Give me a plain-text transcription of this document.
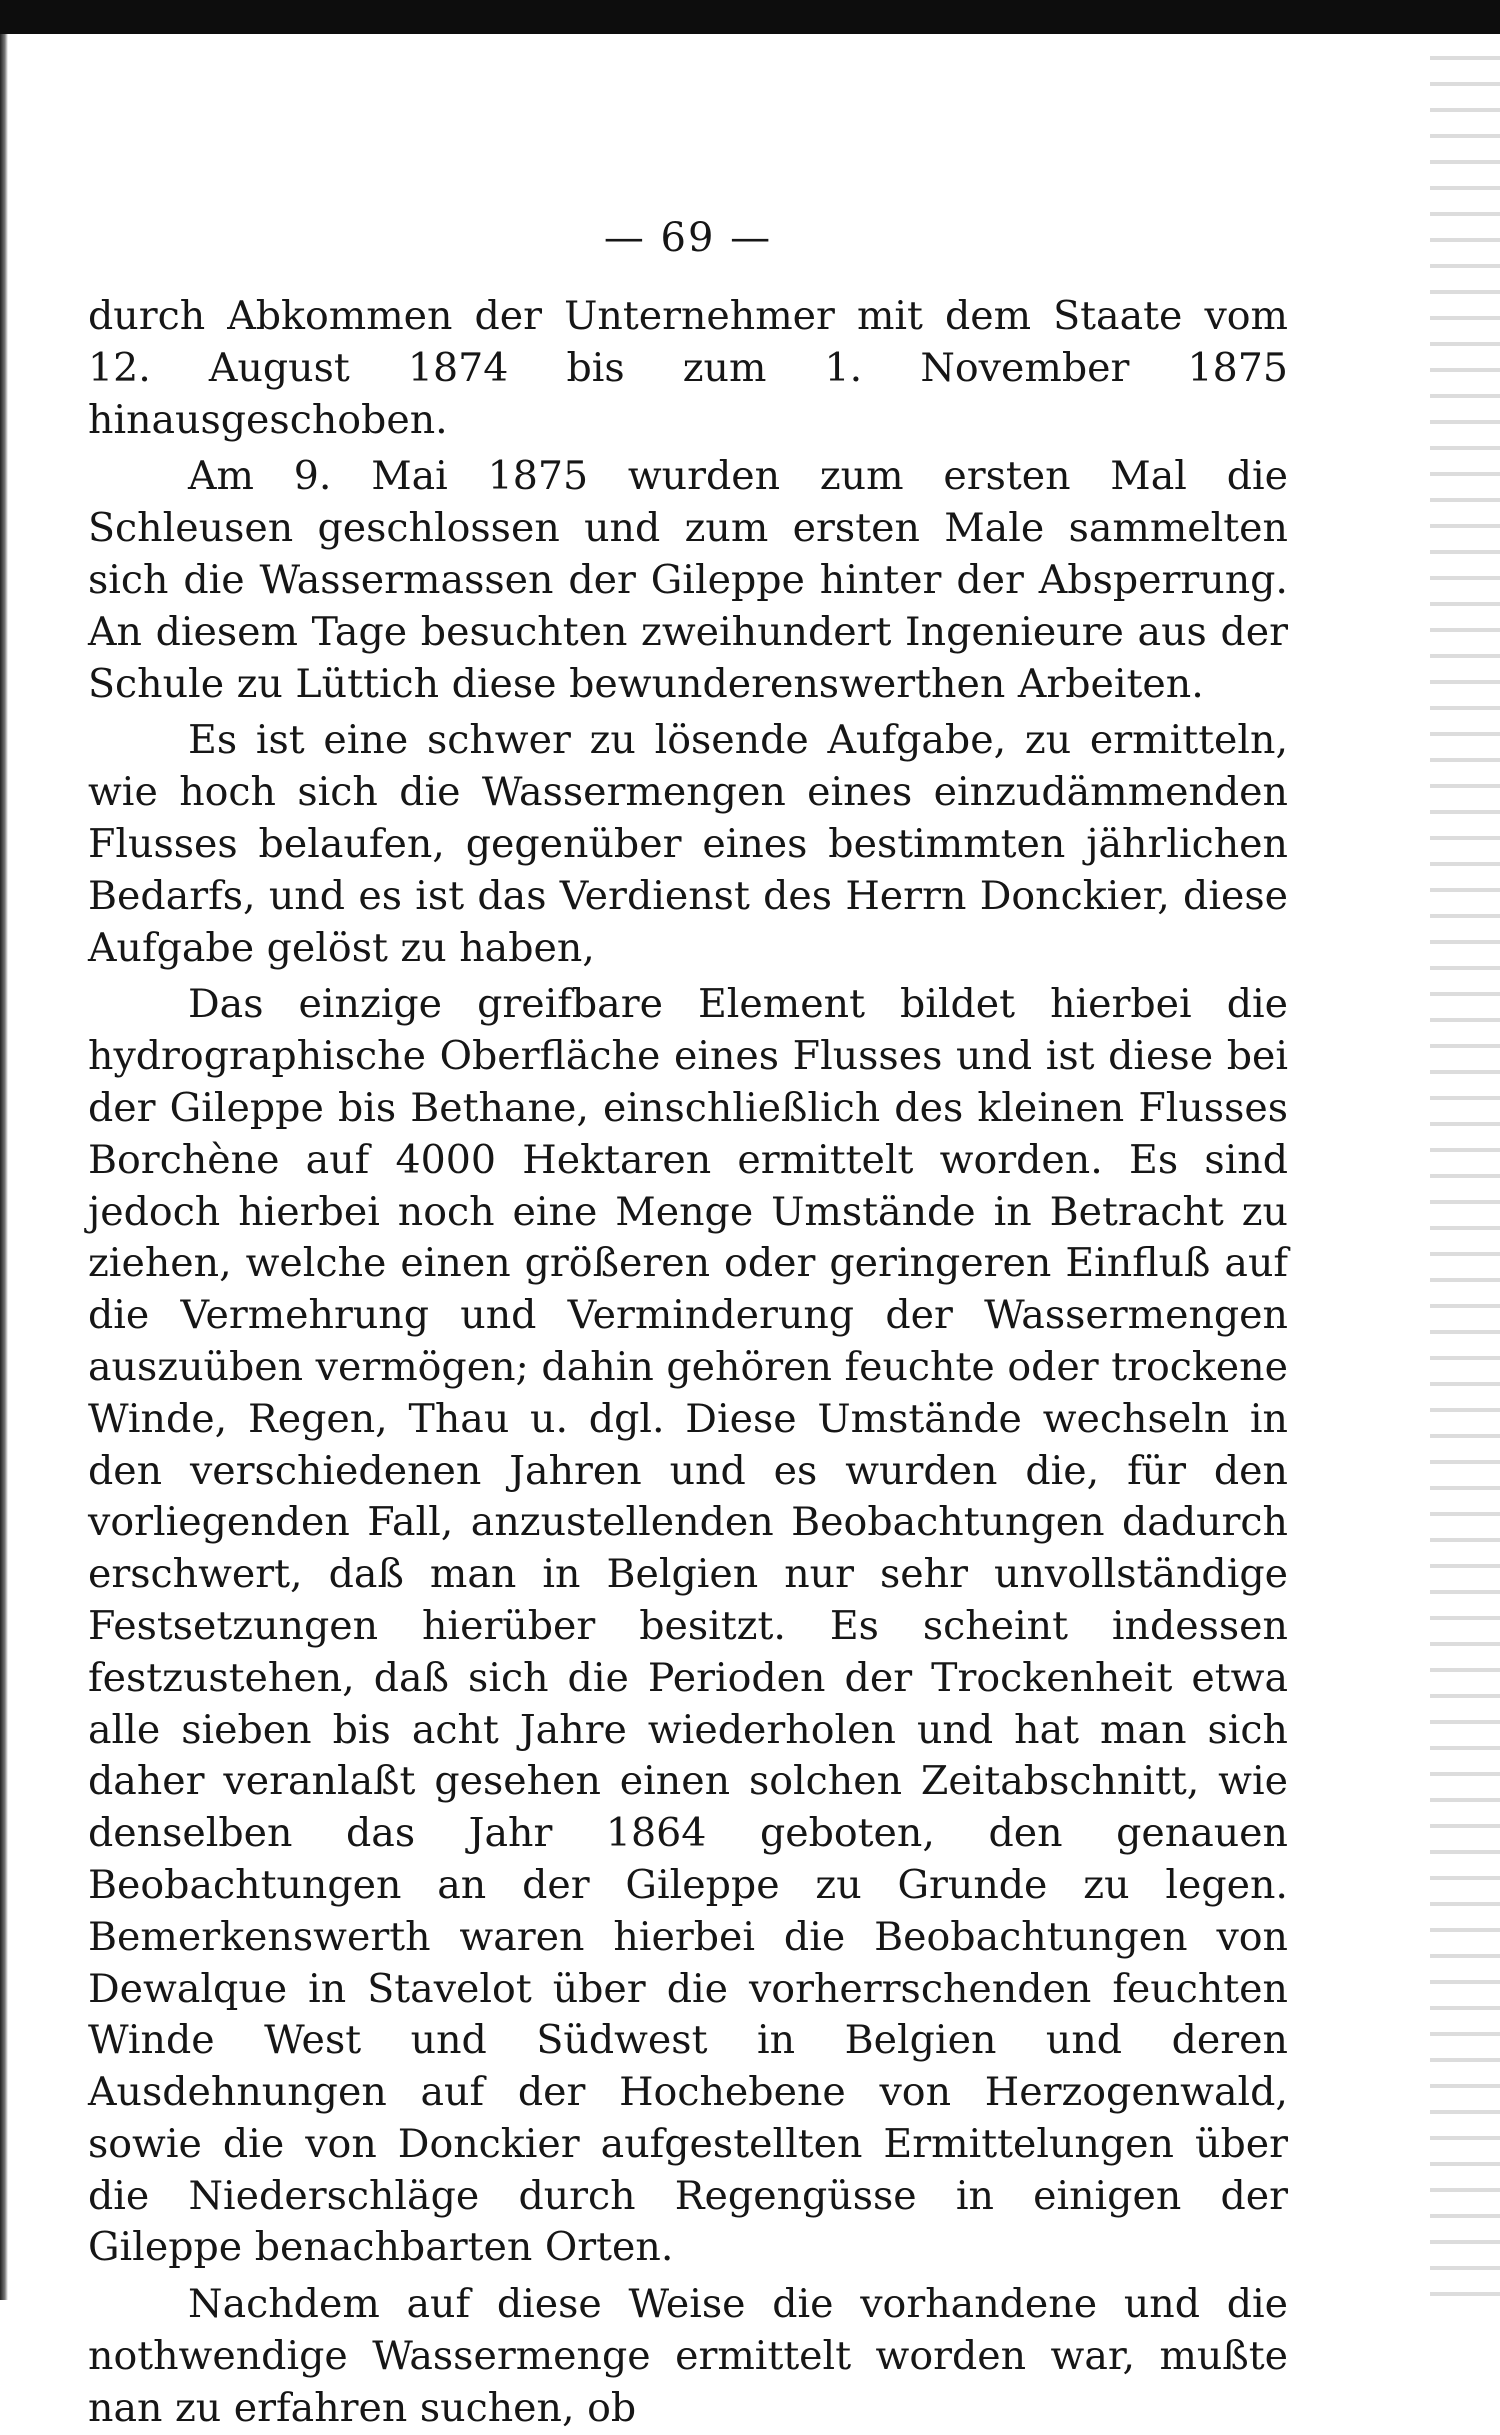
— 69 —

durch Abkommen der Unternehmer mit dem Staate vom 12. August 1874 bis zum 1. November 1875 hinausgeschoben.

Am 9. Mai 1875 wurden zum ersten Mal die Schleusen geschlossen und zum ersten Male sammelten sich die Wassermassen der Gileppe hinter der Absperrung. An diesem Tage besuchten zweihundert Ingenieure aus der Schule zu Lüttich diese bewunderenswerthen Arbeiten.

Es ist eine schwer zu lösende Aufgabe, zu ermitteln, wie hoch sich die Wassermengen eines einzudämmenden Flusses belaufen, gegenüber eines bestimmten jährlichen Bedarfs, und es ist das Verdienst des Herrn Donckier, diese Aufgabe gelöst zu haben,

Das einzige greifbare Element bildet hierbei die hydrographische Oberfläche eines Flusses und ist diese bei der Gileppe bis Bethane, einschließlich des kleinen Flusses Borchène auf 4000 Hektaren ermittelt worden. Es sind jedoch hierbei noch eine Menge Umstände in Betracht zu ziehen, welche einen größeren oder geringeren Einfluß auf die Vermehrung und Verminderung der Wassermengen auszuüben vermögen; dahin gehören feuchte oder trockene Winde, Regen, Thau u. dgl. Diese Umstände wechseln in den verschiedenen Jahren und es wurden die, für den vorliegenden Fall, anzustellenden Beobachtungen dadurch erschwert, daß man in Belgien nur sehr unvollständige Festsetzungen hierüber besitzt. Es scheint indessen festzustehen, daß sich die Perioden der Trockenheit etwa alle sieben bis acht Jahre wiederholen und hat man sich daher veranlaßt gesehen einen solchen Zeitabschnitt, wie denselben das Jahr 1864 geboten, den genauen Beobachtungen an der Gileppe zu Grunde zu legen. Bemerkenswerth waren hierbei die Beobachtungen von Dewalque in Stavelot über die vorherrschenden feuchten Winde West und Südwest in Belgien und deren Ausdehnungen auf der Hochebene von Herzogenwald, sowie die von Donckier aufgestellten Ermittelungen über die Niederschläge durch Regengüsse in einigen der Gileppe benachbarten Orten.

Nachdem auf diese Weise die vorhandene und die nothwendige Wassermenge ermittelt worden war, mußte nan zu erfahren suchen, ob
